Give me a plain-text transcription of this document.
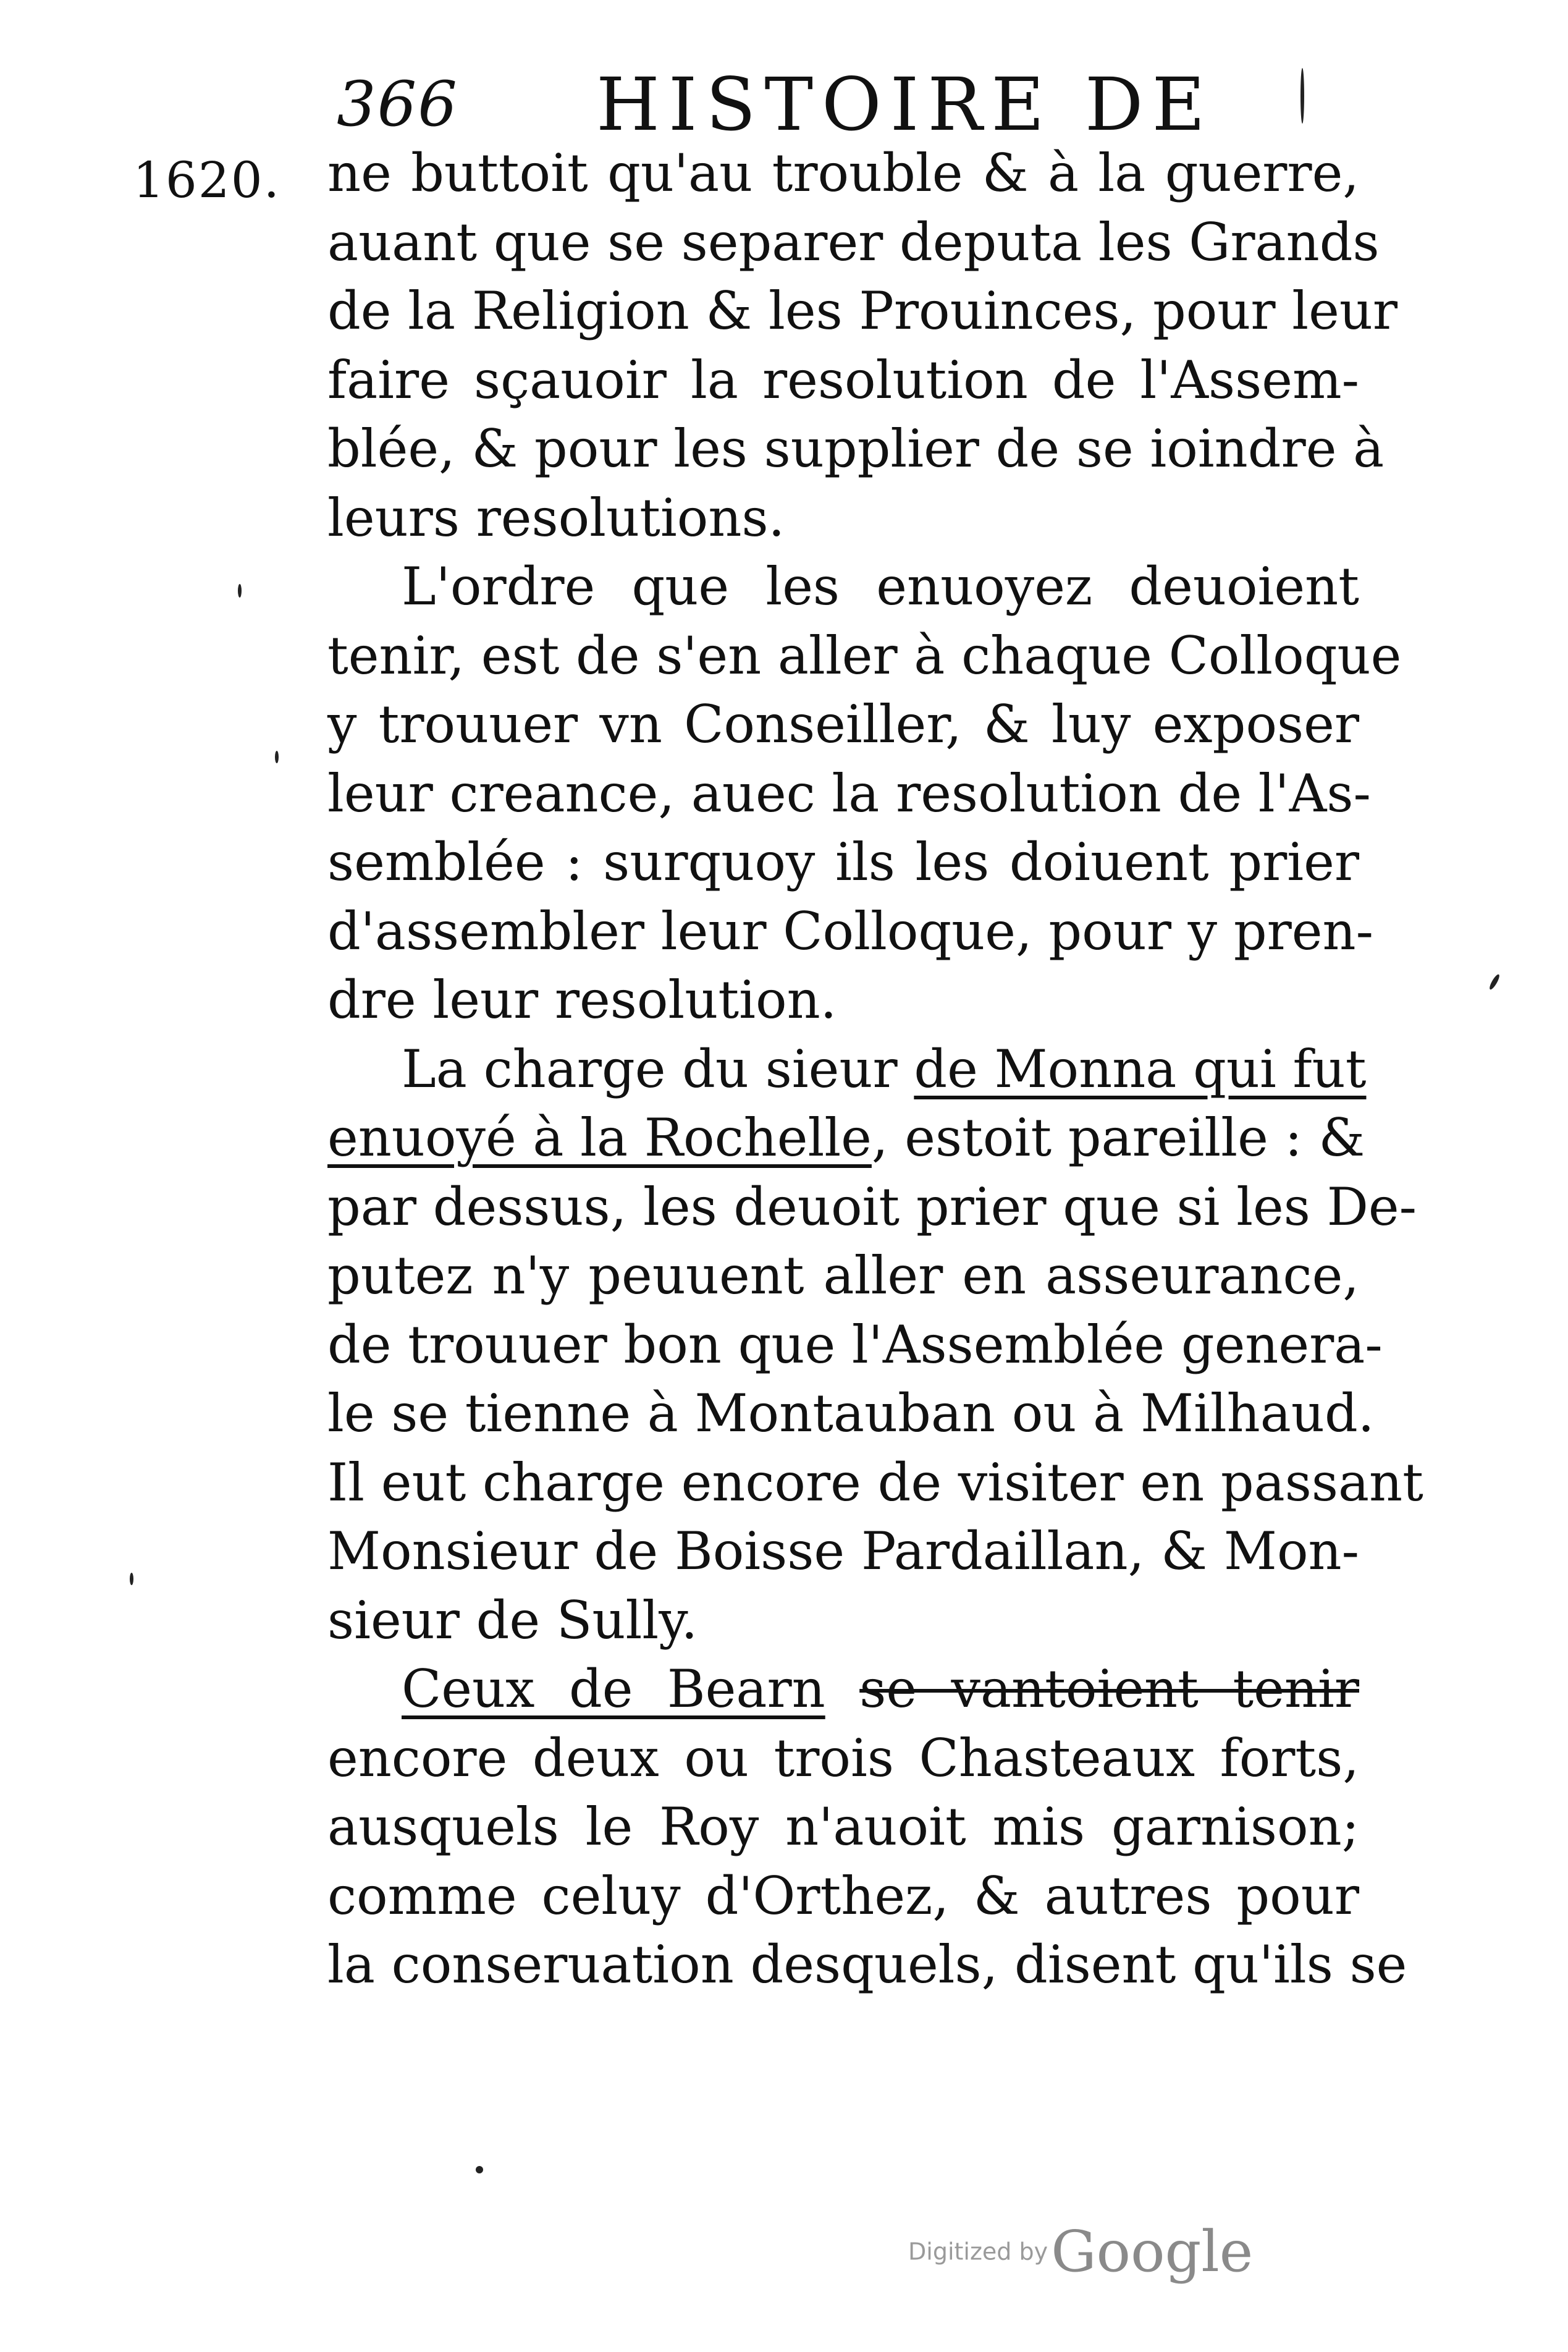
366 HISTOIRE DE
1620. ne buttoit qu'au trouble & à la guerre,
auant que se separer deputa les Grands
de la Religion & les Prouinces, pour leur
faire sçauoir la resolution de l'Assem-
blée, & pour les supplier de se ioindre à
leurs resolutions.
L'ordre que les enuoyez deuoient
tenir, est de s'en aller à chaque Colloque
y trouuer vn Conseiller, & luy exposer
leur creance, auec la resolution de l'As-
semblée : surquoy ils les doiuent prier
d'assembler leur Colloque, pour y pren-
dre leur resolution.
La charge du sieur de Monna qui fut
enuoyé à la Rochelle, estoit pareille : &
par dessus, les deuoit prier que si les De-
putez n'y peuuent aller en asseurance,
de trouuer bon que l'Assemblée genera-
le se tienne à Montauban ou à Milhaud.
Il eut charge encore de visiter en passant
Monsieur de Boisse Pardaillan, & Mon-
sieur de Sully.
Ceux de Bearn se vantoient tenir
encore deux ou trois Chasteaux forts,
ausquels le Roy n'auoit mis garnison;
comme celuy d'Orthez, & autres pour
la conseruation desquels, disent qu'ils se
Digitized by Google
